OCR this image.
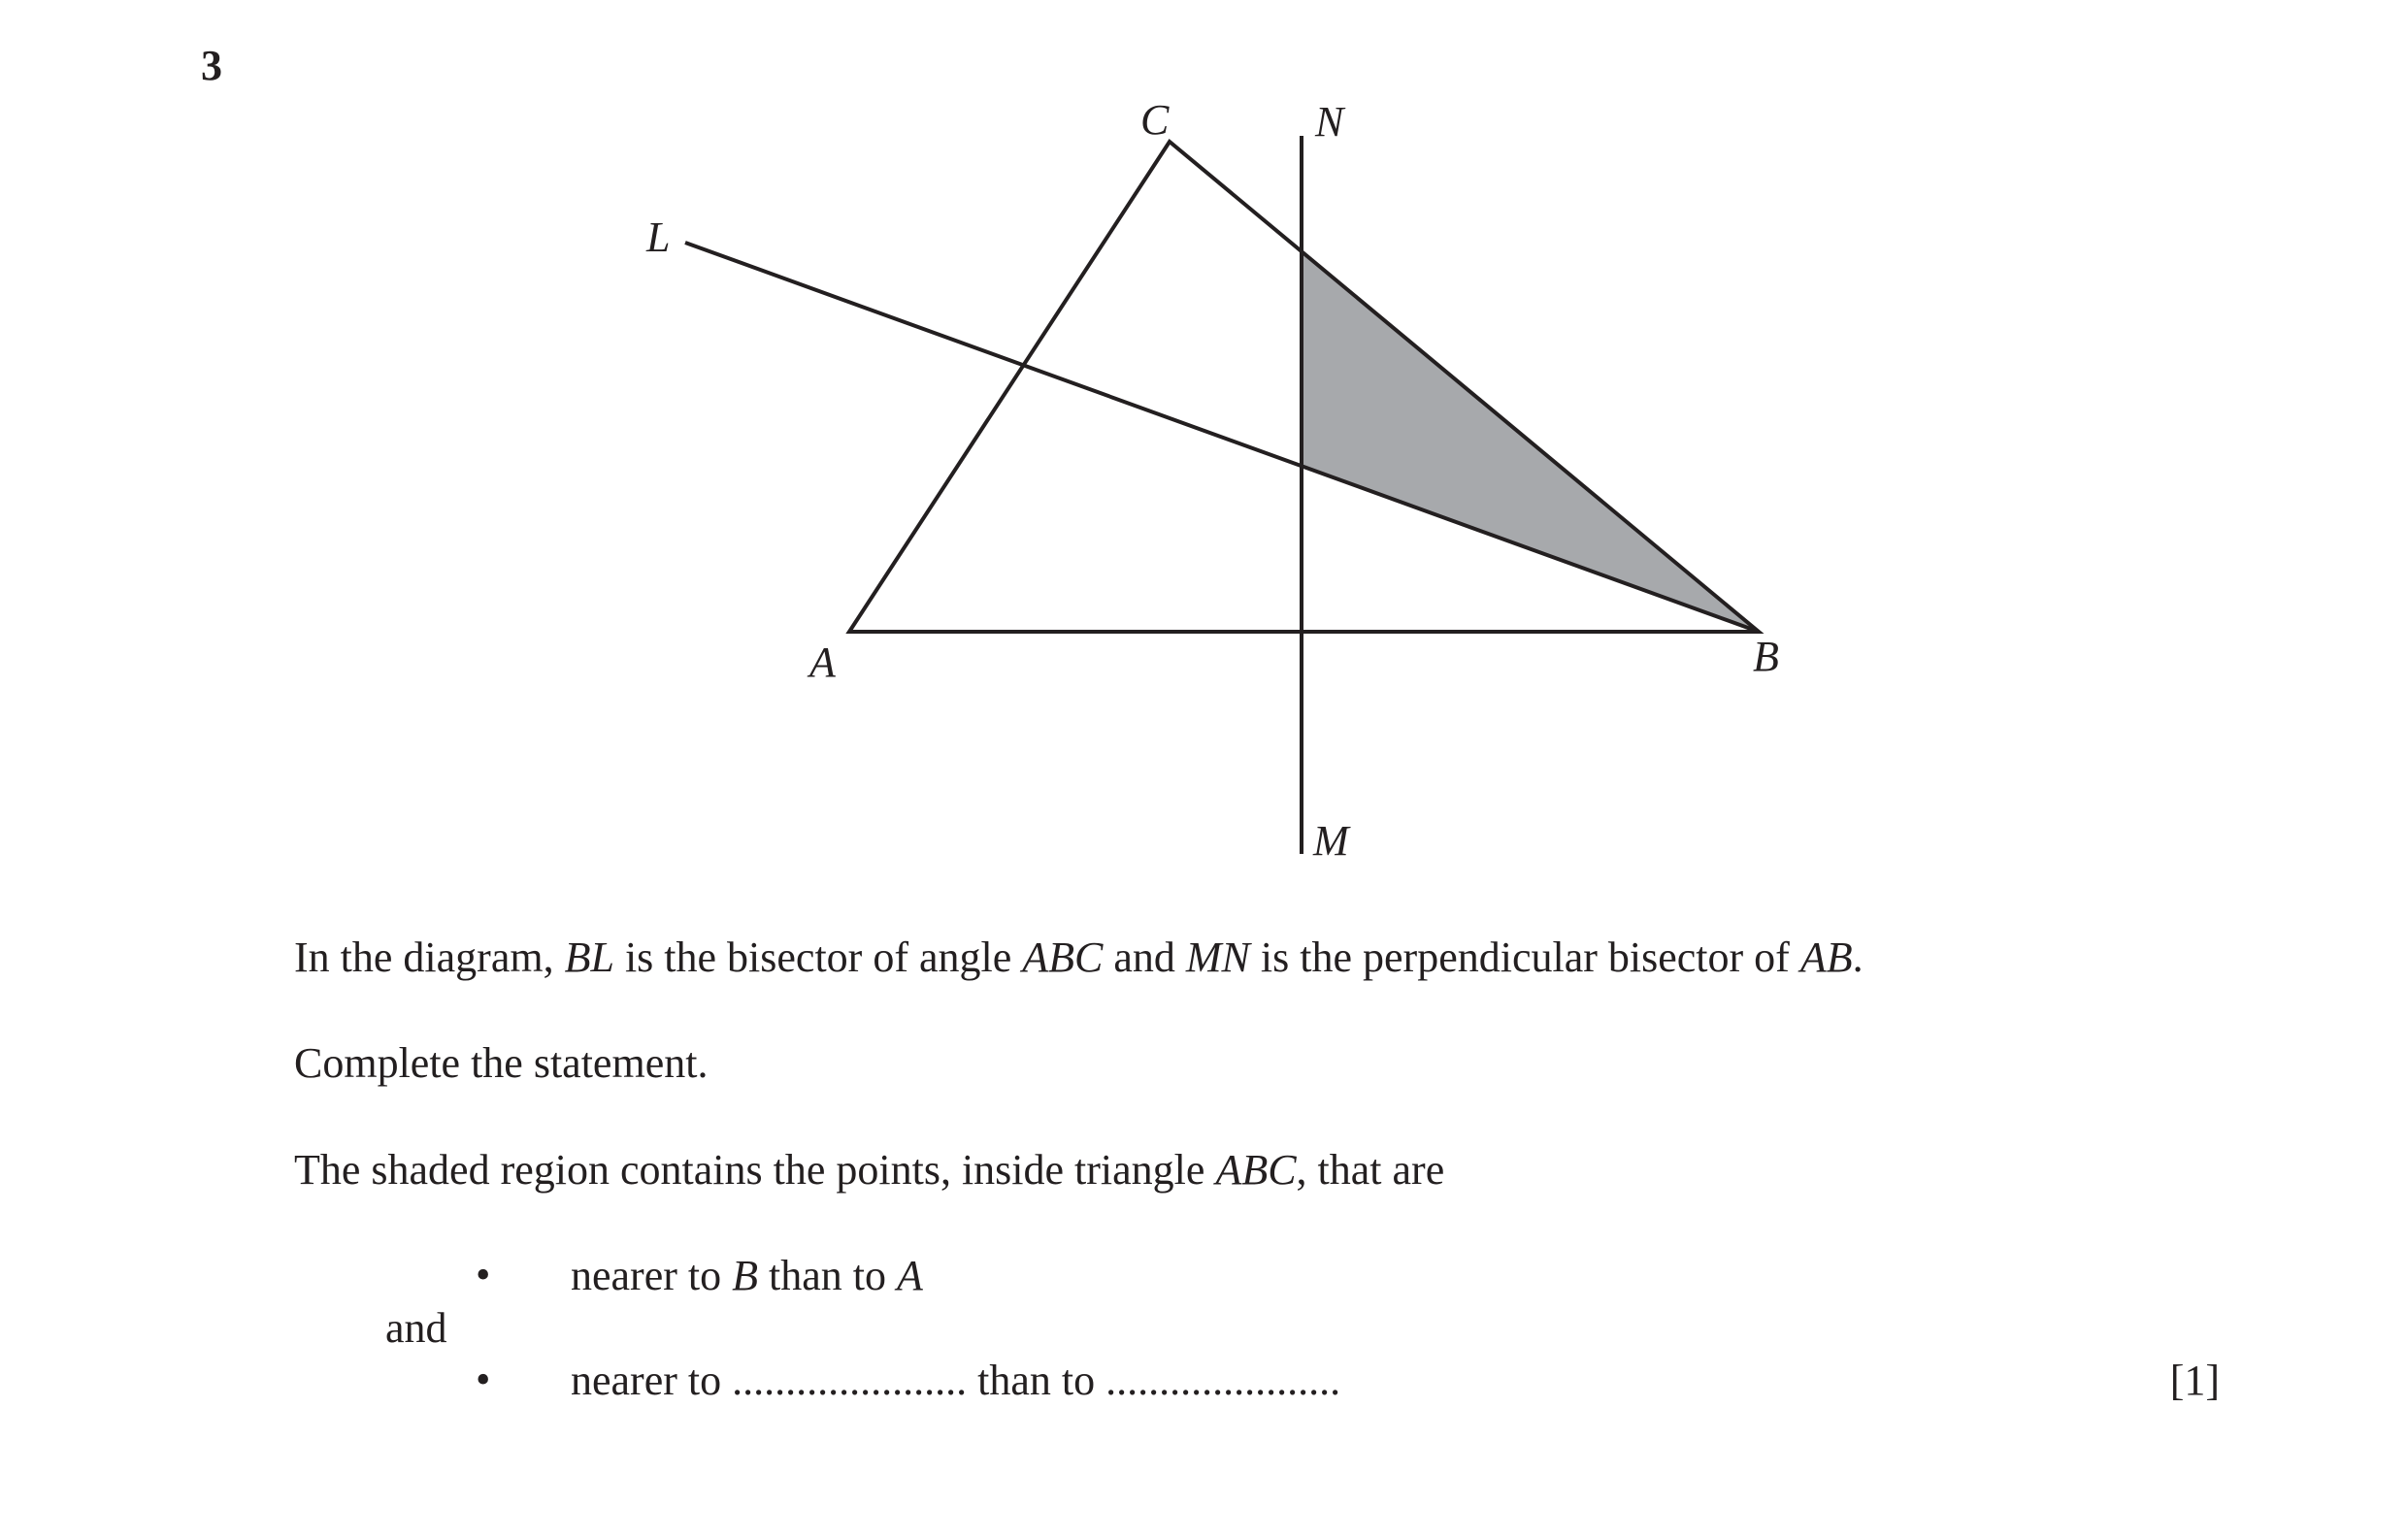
3
C	N
L
A	B
M
In the diagram, BL is the bisector of angle ABC and MN is the perpendicular bisector of AB.
Complete the statement.
The shaded region contains the points, inside triangle ABC, that are
• nearer to B than to A
and
• nearer to ...................... than to ......................	[1]
